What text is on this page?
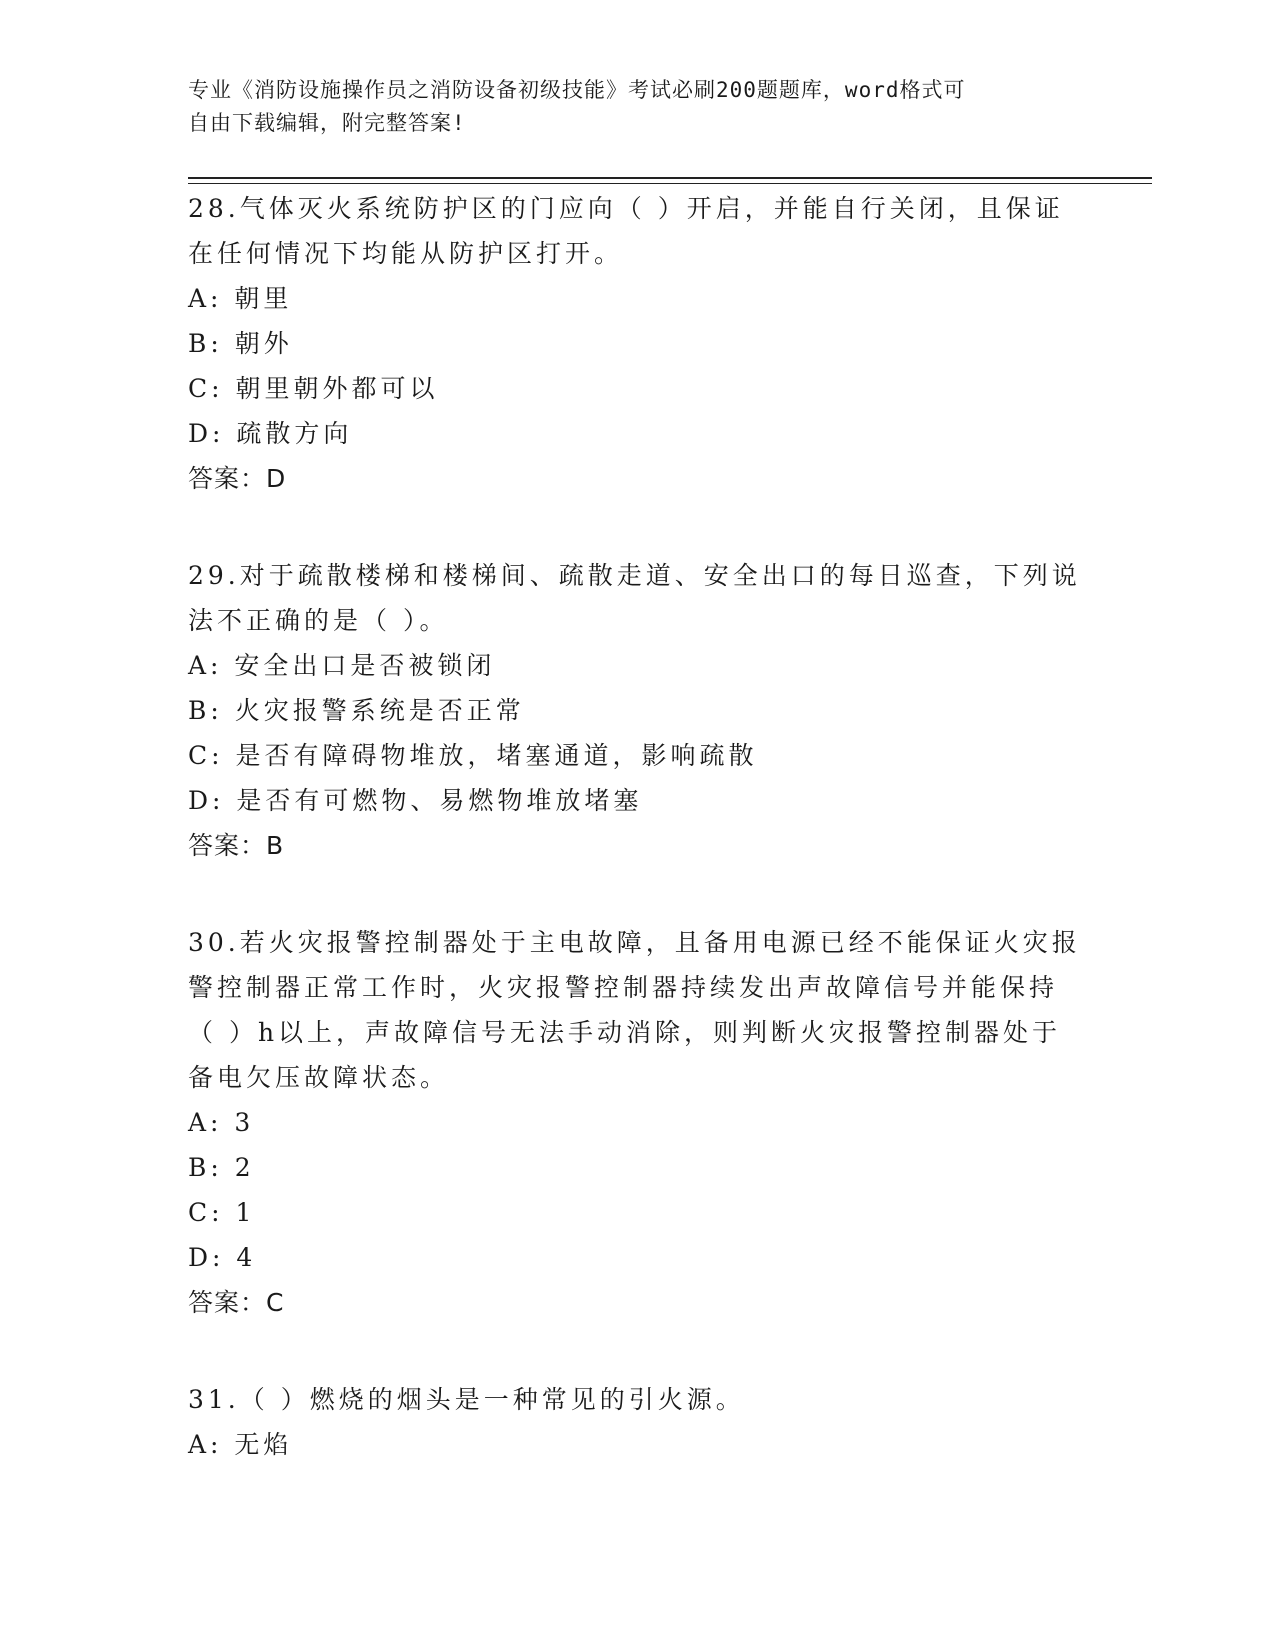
专业《消防设施操作员之消防设备初级技能》考试必刷200题题库，word格式可
自由下载编辑，附完整答案!
28.气体灭火系统防护区的门应向（ ）开启，并能自行关闭，且保证
在任何情况下均能从防护区打开。
A: 朝里
B: 朝外
C: 朝里朝外都可以
D: 疏散方向
答案：D
29.对于疏散楼梯和楼梯间、疏散走道、安全出口的每日巡查，下列说
法不正确的是（ ）。
A: 安全出口是否被锁闭
B: 火灾报警系统是否正常
C: 是否有障碍物堆放，堵塞通道，影响疏散
D: 是否有可燃物、易燃物堆放堵塞
答案：B
30.若火灾报警控制器处于主电故障，且备用电源已经不能保证火灾报
警控制器正常工作时，火灾报警控制器持续发出声故障信号并能保持
（ ）h以上，声故障信号无法手动消除，则判断火灾报警控制器处于
备电欠压故障状态。
A: 3
B: 2
C: 1
D: 4
答案：C
31.（ ）燃烧的烟头是一种常见的引火源。
A: 无焰
